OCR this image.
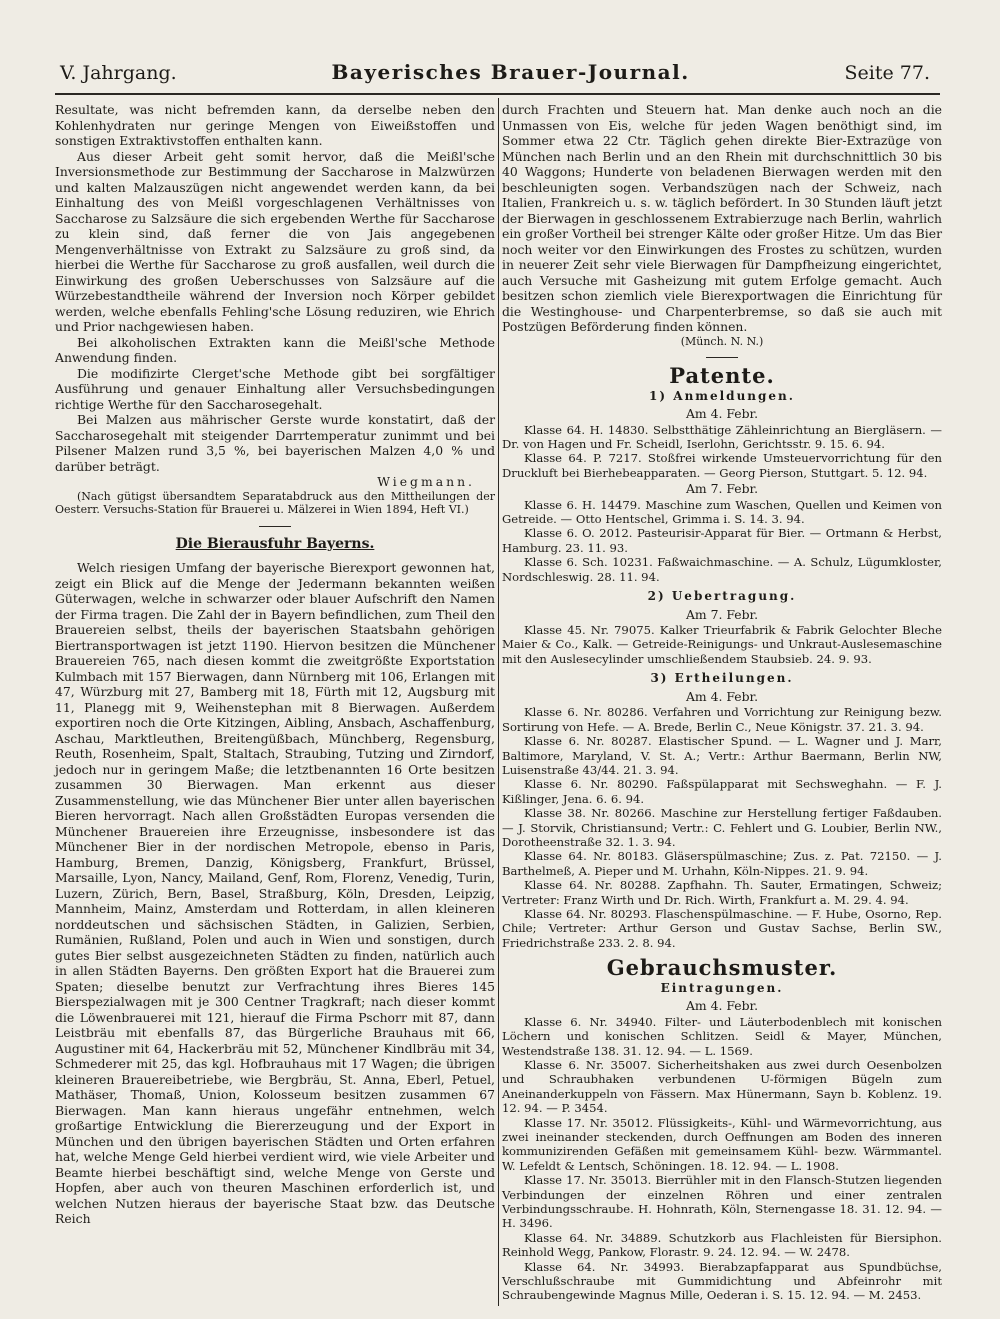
V. Jahrgang.	Bayerisches Brauer-Journal.	Seite 77.

Resultate, was nicht befremden kann, da derselbe neben den Kohlenhydraten nur geringe Mengen von Eiweißstoffen und sonstigen Extraktivstoffen enthalten kann.

Aus dieser Arbeit geht somit hervor, daß die Meißl'sche Inversionsmethode zur Bestimmung der Saccharose in Malzwürzen und kalten Malzauszügen nicht angewendet werden kann, da bei Einhaltung des von Meißl vorgeschlagenen Verhältnisses von Saccharose zu Salzsäure die sich ergebenden Werthe für Saccharose zu klein sind, daß ferner die von Jais angegebenen Mengenverhältnisse von Extrakt zu Salzsäure zu groß sind, da hierbei die Werthe für Saccharose zu groß ausfallen, weil durch die Einwirkung des großen Ueberschusses von Salzsäure auf die Würzebestandtheile während der Inversion noch Körper gebildet werden, welche ebenfalls Fehling'sche Lösung reduziren, wie Ehrich und Prior nachgewiesen haben.

Bei alkoholischen Extrakten kann die Meißl'sche Methode Anwendung finden.

Die modifizirte Clerget'sche Methode gibt bei sorgfältiger Ausführung und genauer Einhaltung aller Versuchsbedingungen richtige Werthe für den Saccharosegehalt.

Bei Malzen aus mährischer Gerste wurde konstatirt, daß der Saccharosegehalt mit steigender Darrtemperatur zunimmt und bei Pilsener Malzen rund 3,5 %, bei bayerischen Malzen 4,0 % und darüber beträgt.

Wiegmann.

(Nach gütigst übersandtem Separatabdruck aus den Mittheilungen der Oesterr. Versuchs-Station für Brauerei u. Mälzerei in Wien 1894, Heft VI.)

Die Bierausfuhr Bayerns.

Welch riesigen Umfang der bayerische Bierexport gewonnen hat, zeigt ein Blick auf die Menge der Jedermann bekannten weißen Güterwagen, welche in schwarzer oder blauer Aufschrift den Namen der Firma tragen. Die Zahl der in Bayern befindlichen, zum Theil den Brauereien selbst, theils der bayerischen Staatsbahn gehörigen Biertransportwagen ist jetzt 1190. Hiervon besitzen die Münchener Brauereien 765, nach diesen kommt die zweitgrößte Exportstation Kulmbach mit 157 Bierwagen, dann Nürnberg mit 106, Erlangen mit 47, Würzburg mit 27, Bamberg mit 18, Fürth mit 12, Augsburg mit 11, Planegg mit 9, Weihenstephan mit 8 Bierwagen. Außerdem exportiren noch die Orte Kitzingen, Aibling, Ansbach, Aschaffenburg, Aschau, Marktleuthen, Breitengüßbach, Münchberg, Regensburg, Reuth, Rosenheim, Spalt, Staltach, Straubing, Tutzing und Zirndorf, jedoch nur in geringem Maße; die letztbenannten 16 Orte besitzen zusammen 30 Bierwagen. Man erkennt aus dieser Zusammenstellung, wie das Münchener Bier unter allen bayerischen Bieren hervorragt. Nach allen Großstädten Europas versenden die Münchener Brauereien ihre Erzeugnisse, insbesondere ist das Münchener Bier in der nordischen Metropole, ebenso in Paris, Hamburg, Bremen, Danzig, Königsberg, Frankfurt, Brüssel, Marsaille, Lyon, Nancy, Mailand, Genf, Rom, Florenz, Venedig, Turin, Luzern, Zürich, Bern, Basel, Straßburg, Köln, Dresden, Leipzig, Mannheim, Mainz, Amsterdam und Rotterdam, in allen kleineren norddeutschen und sächsischen Städten, in Galizien, Serbien, Rumänien, Rußland, Polen und auch in Wien und sonstigen, durch gutes Bier selbst ausgezeichneten Städten zu finden, natürlich auch in allen Städten Bayerns. Den größten Export hat die Brauerei zum Spaten; dieselbe benutzt zur Verfrachtung ihres Bieres 145 Bierspezialwagen mit je 300 Centner Tragkraft; nach dieser kommt die Löwenbrauerei mit 121, hierauf die Firma Pschorr mit 87, dann Leistbräu mit ebenfalls 87, das Bürgerliche Brauhaus mit 66, Augustiner mit 64, Hackerbräu mit 52, Münchener Kindlbräu mit 34, Schmederer mit 25, das kgl. Hofbrauhaus mit 17 Wagen; die übrigen kleineren Brauereibetriebe, wie Bergbräu, St. Anna, Eberl, Petuel, Mathäser, Thomaß, Union, Kolosseum besitzen zusammen 67 Bierwagen. Man kann hieraus ungefähr entnehmen, welch großartige Entwicklung die Biererzeugung und der Export in München und den übrigen bayerischen Städten und Orten erfahren hat, welche Menge Geld hierbei verdient wird, wie viele Arbeiter und Beamte hierbei beschäftigt sind, welche Menge von Gerste und Hopfen, aber auch von theuren Maschinen erforderlich ist, und welchen Nutzen hieraus der bayerische Staat bzw. das Deutsche Reich

durch Frachten und Steuern hat. Man denke auch noch an die Unmassen von Eis, welche für jeden Wagen benöthigt sind, im Sommer etwa 22 Ctr. Täglich gehen direkte Bier-Extrazüge von München nach Berlin und an den Rhein mit durchschnittlich 30 bis 40 Waggons; Hunderte von beladenen Bierwagen werden mit den beschleunigten sogen. Verbandszügen nach der Schweiz, nach Italien, Frankreich u. s. w. täglich befördert. In 30 Stunden läuft jetzt der Bierwagen in geschlossenem Extrabierzuge nach Berlin, wahrlich ein großer Vortheil bei strenger Kälte oder großer Hitze. Um das Bier noch weiter vor den Einwirkungen des Frostes zu schützen, wurden in neuerer Zeit sehr viele Bierwagen für Dampfheizung eingerichtet, auch Versuche mit Gasheizung mit gutem Erfolge gemacht. Auch besitzen schon ziemlich viele Bierexportwagen die Einrichtung für die Westinghouse- und Charpenterbremse, so daß sie auch mit Postzügen Beförderung finden können.

(Münch. N. N.)
Patente.
1) Anmeldungen.
Am 4. Febr.

Klasse 64. H. 14830. Selbstthätige Zähleinrichtung an Biergläsern. — Dr. von Hagen und Fr. Scheidl, Iserlohn, Gerichtsstr. 9. 15. 6. 94.

Klasse 64. P. 7217. Stoßfrei wirkende Umsteuervorrichtung für den Druckluft bei Bierhebeapparaten. — Georg Pierson, Stuttgart. 5. 12. 94.

Am 7. Febr.

Klasse 6. H. 14479. Maschine zum Waschen, Quellen und Keimen von Getreide. — Otto Hentschel, Grimma i. S. 14. 3. 94.

Klasse 6. O. 2012. Pasteurisir-Apparat für Bier. — Ortmann & Herbst, Hamburg. 23. 11. 93.

Klasse 6. Sch. 10231. Faßwaichmaschine. — A. Schulz, Lügumkloster, Nordschleswig. 28. 11. 94.

2) Uebertragung.
Am 7. Febr.

Klasse 45. Nr. 79075. Kalker Trieurfabrik & Fabrik Gelochter Bleche Maier & Co., Kalk. — Getreide-Reinigungs- und Unkraut-Auslesemaschine mit den Auslesecylinder umschließendem Staubsieb. 24. 9. 93.

3) Ertheilungen.
Am 4. Febr.

Klasse 6. Nr. 80286. Verfahren und Vorrichtung zur Reinigung bezw. Sortirung von Hefe. — A. Brede, Berlin C., Neue Königstr. 37. 21. 3. 94.

Klasse 6. Nr. 80287. Elastischer Spund. — L. Wagner und J. Marr, Baltimore, Maryland, V. St. A.; Vertr.: Arthur Baermann, Berlin NW, Luisenstraße 43/44. 21. 3. 94.

Klasse 6. Nr. 80290. Faßspülapparat mit Sechsweghahn. — F. J. Kißlinger, Jena. 6. 6. 94.

Klasse 38. Nr. 80266. Maschine zur Herstellung fertiger Faßdauben. — J. Storvik, Christiansund; Vertr.: C. Fehlert und G. Loubier, Berlin NW., Dorotheenstraße 32. 1. 3. 94.

Klasse 64. Nr. 80183. Gläserspülmaschine; Zus. z. Pat. 72150. — J. Barthelmeß, A. Pieper und M. Urhahn, Köln-Nippes. 21. 9. 94.

Klasse 64. Nr. 80288. Zapfhahn. Th. Sauter, Ermatingen, Schweiz; Vertreter: Franz Wirth und Dr. Rich. Wirth, Frankfurt a. M. 29. 4. 94.

Klasse 64. Nr. 80293. Flaschenspülmaschine. — F. Hube, Osorno, Rep. Chile; Vertreter: Arthur Gerson und Gustav Sachse, Berlin SW., Friedrichstraße 233. 2. 8. 94.

Gebrauchsmuster.
Eintragungen.
Am 4. Febr.

Klasse 6. Nr. 34940. Filter- und Läuterbodenblech mit konischen Löchern und konischen Schlitzen. Seidl & Mayer, München, Westendstraße 138. 31. 12. 94. — L. 1569.

Klasse 6. Nr. 35007. Sicherheitshaken aus zwei durch Oesenbolzen und Schraubhaken verbundenen U-förmigen Bügeln zum Aneinanderkuppeln von Fässern. Max Hünermann, Sayn b. Koblenz. 19. 12. 94. — P. 3454.

Klasse 17. Nr. 35012. Flüssigkeits-, Kühl- und Wärmevorrichtung, aus zwei ineinander steckenden, durch Oeffnungen am Boden des inneren kommunizirenden Gefäßen mit gemeinsamem Kühl- bezw. Wärmmantel. W. Lefeldt & Lentsch, Schöningen. 18. 12. 94. — L. 1908.

Klasse 17. Nr. 35013. Bierrühler mit in den Flansch-Stutzen liegenden Verbindungen der einzelnen Röhren und einer zentralen Verbindungsschraube. H. Hohnrath, Köln, Sternengasse 18. 31. 12. 94. — H. 3496.

Klasse 64. Nr. 34889. Schutzkorb aus Flachleisten für Biersiphon. Reinhold Wegg, Pankow, Florastr. 9. 24. 12. 94. — W. 2478.

Klasse 64. Nr. 34993. Bierabzapfapparat aus Spundbüchse, Verschlußschraube mit Gummidichtung und Abfeinrohr mit Schraubengewinde Magnus Mille, Oederan i. S. 15. 12. 94. — M. 2453.
